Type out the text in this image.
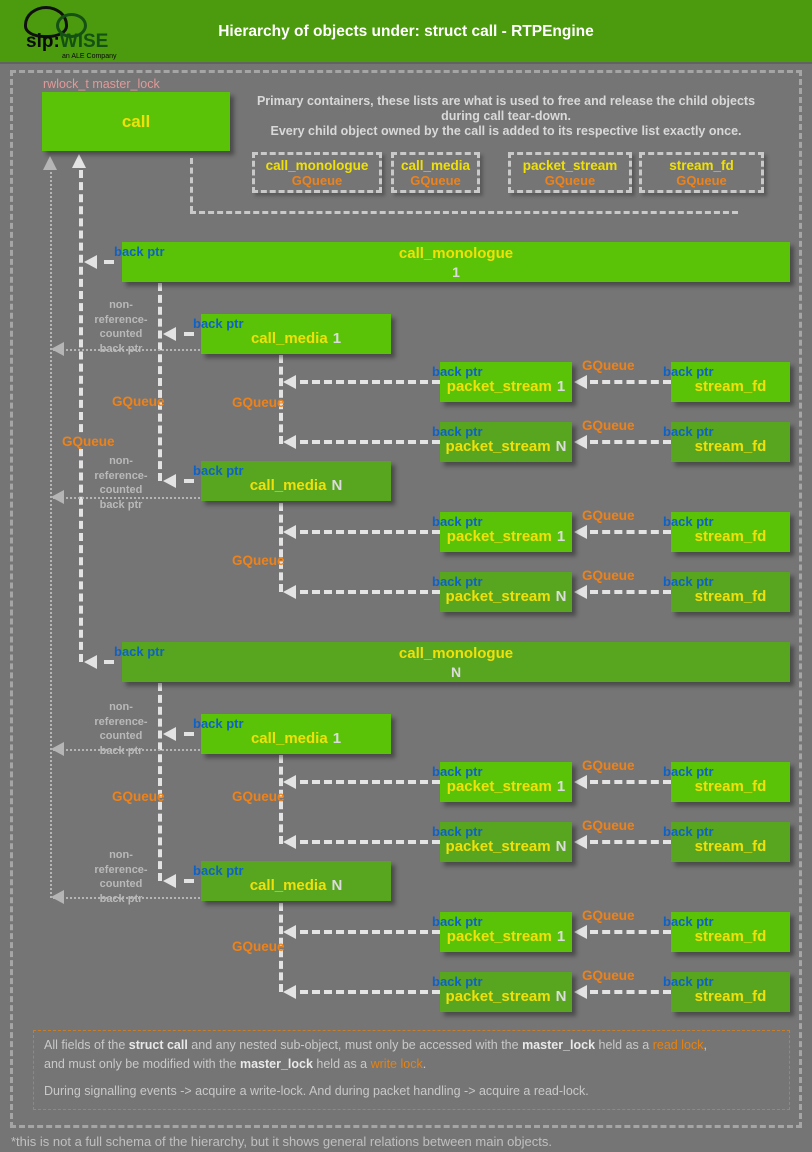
sip:WISE
an ALE Company
Hierarchy of objects under: struct call - RTPEngine
rwlock_t master_lock
Primary containers, these lists are what is used to free and release the child objects
during call tear-down.
Every child object owned by the call is added to its respective list exactly once.
call_monologue
GQueue
call_media
GQueue
packet_stream
GQueue
stream_fd
GQueue
GQueue
GQueue	GQueue
GQueue
GQueue	GQueue
GQueue
GQueue
GQueue
GQueue
GQueue
GQueue
GQueue
GQueue
GQueue
non-
reference-
counted
back ptr
non-
reference-
counted
back ptr
non-
reference-
counted
back ptr
non-
reference-
counted
back ptr
call
call_monologue
1
call_monologue
N
call_media 1
call_media N
call_media 1
call_media N
packet_stream 1
packet_stream N
packet_stream 1
packet_stream N
packet_stream 1
packet_stream N
packet_stream 1
packet_stream N
stream_fd
stream_fd
stream_fd
stream_fd
stream_fd
stream_fd
stream_fd
stream_fd
back ptr
back ptr
back ptr
back ptr
back ptr
back ptr
back ptr
back ptr
back ptr
back ptr
back ptr
back ptr
back ptr
back ptr
back ptr
back ptr
back ptr
back ptr
back ptr
back ptr
back ptr
back ptr
All fields of the struct call and any nested sub-object, must only be accessed with the master_lock held as a read lock,
and must only be modified with the master_lock held as a write lock.
During signalling events -> acquire a write-lock. And during packet handling -> acquire a read-lock.
*this is not a full schema of the hierarchy, but it shows general relations between main objects.
